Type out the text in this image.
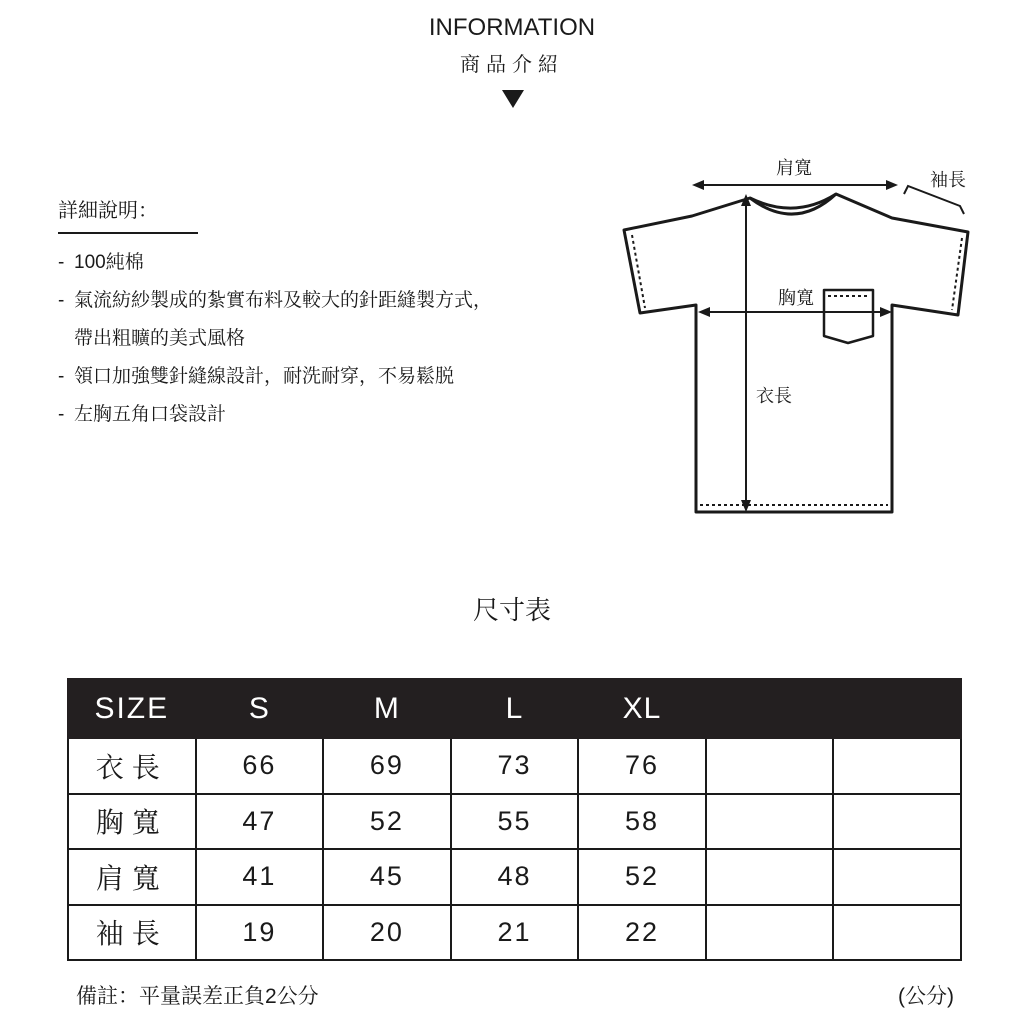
INFORMATION
商品介紹
詳細說明：
- 100純棉
- 氣流紡紗製成的紮實布料及較大的針距縫製方式，
帶出粗曠的美式風格
- 領口加強雙針縫線設計，耐洗耐穿，不易鬆脱
- 左胸五角口袋設計
肩寬
袖長
胸寬
衣長
尺寸表
SIZE	S	M	L	XL		
衣長	66	69	73	76		
胸寬	47	52	55	58		
肩寬	41	45	48	52		
袖長	19	20	21	22		
備註：平量誤差正負2公分	(公分)
